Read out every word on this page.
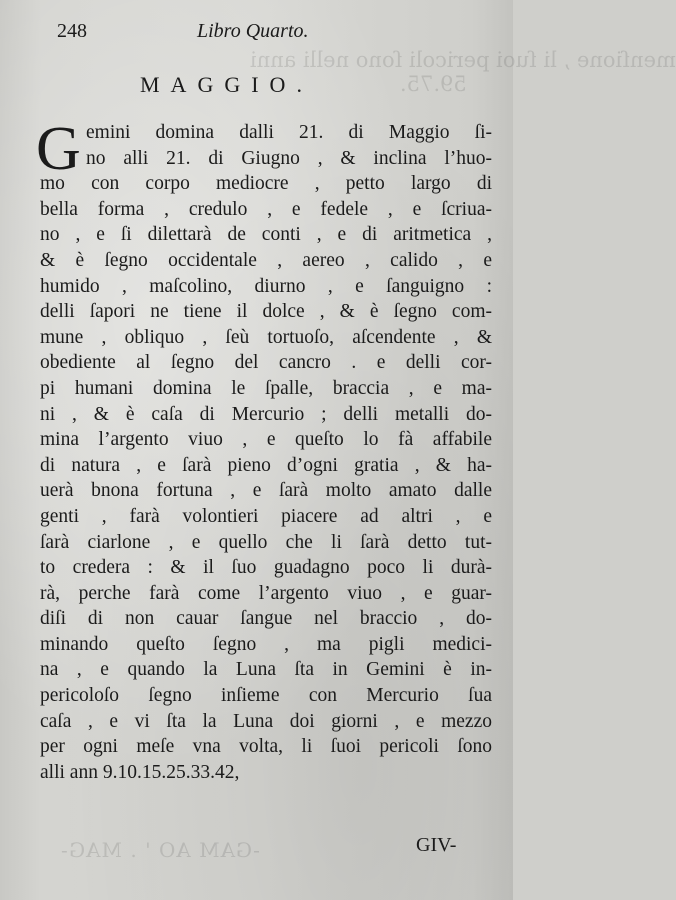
menſione , li ſuoi pericoli ſono nelli anni
59.75.
-GAM AO ' . MAG-
248	Libro Quarto.
MAGGIO.
G emini domina dalli 21. di Maggio ſi-
no alli 21. di Giugno , & inclina l’huo-
mo con corpo mediocre , petto largo di
bella forma , credulo , e fedele , e ſcriua-
no , e ſi dilettarà de conti , e di aritmetica ,
& è ſegno occidentale , aereo , calido , e
humido , maſcolino, diurno , e ſanguigno :
delli ſapori ne tiene il dolce , & è ſegno com-
mune , obliquo , ſeù tortuoſo, aſcendente , &
obediente al ſegno del cancro . e delli cor-
pi humani domina le ſpalle, braccia , e ma-
ni , & è caſa di Mercurio ; delli metalli do-
mina l’argento viuo , e queſto lo fà affabile
di natura , e ſarà pieno d’ogni gratia , & ha-
uerà bnona fortuna , e ſarà molto amato dalle
genti , farà volontieri piacere ad altri , e
ſarà ciarlone , e quello che li ſarà detto tut-
to credera : & il ſuo guadagno poco li durà-
rà, perche farà come l’argento viuo , e guar-
diſi di non cauar ſangue nel braccio , do-
minando queſto ſegno , ma pigli medici-
na , e quando la Luna ſta in Gemini è in-
pericoloſo ſegno inſieme con Mercurio ſua
caſa , e vi ſta la Luna doi giorni , e mezzo
per ogni meſe vna volta, li ſuoi pericoli ſono
alli ann 9.10.15.25.33.42,
GIV-
